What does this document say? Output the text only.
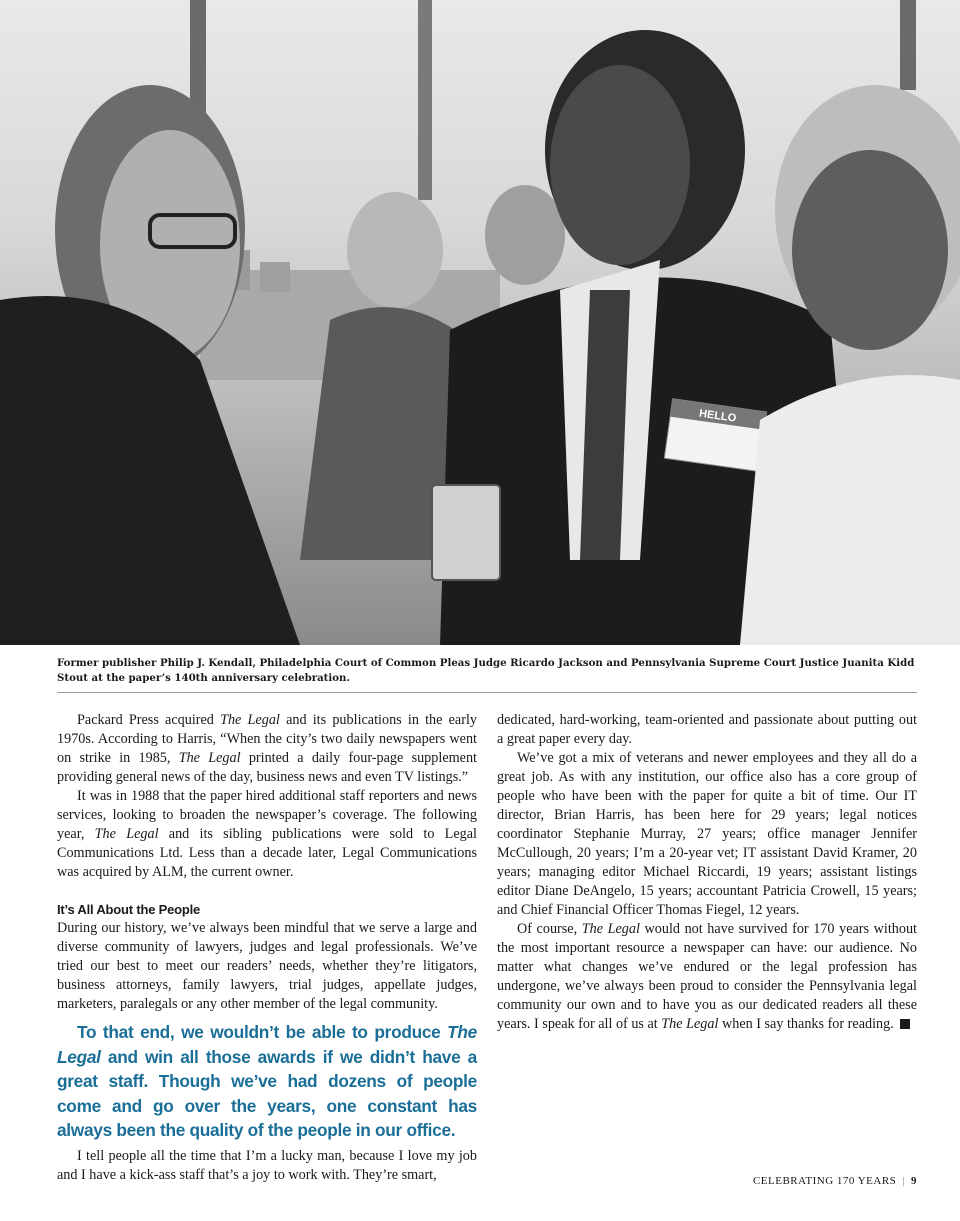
HELLO
Former publisher Philip J. Kendall, Philadelphia Court of Common Pleas Judge Ricardo Jackson and Pennsylvania Supreme Court Justice Juanita Kidd Stout at the paper’s 140th anniversary celebration.

Packard Press acquired The Legal and its publications in the early 1970s. According to Harris, “When the city’s two daily newspapers went on strike in 1985, The Legal printed a daily four-page supplement providing general news of the day, business news and even TV listings.”

It was in 1988 that the paper hired additional staff reporters and news services, looking to broaden the newspaper’s coverage. The following year, The Legal and its sibling publications were sold to Legal Communications Ltd. Less than a decade later, Legal Communications was acquired by ALM, the current owner.

It’s All About the People

During our history, we’ve always been mindful that we serve a large and diverse community of lawyers, judges and legal professionals. We’ve tried our best to meet our readers’ needs, whether they’re litigators, business attorneys, family lawyers, trial judges, appellate judges, marketers, paralegals or any other member of the legal community.

To that end, we wouldn’t be able to produce The Legal and win all those awards if we didn’t have a great staff. Though we’ve had dozens of people come and go over the years, one constant has always been the quality of the people in our office.

I tell people all the time that I’m a lucky man, because I love my job and I have a kick-ass staff that’s a joy to work with. They’re smart,

dedicated, hard-working, team-oriented and passionate about putting out a great paper every day.

We’ve got a mix of veterans and newer employees and they all do a great job. As with any institution, our office also has a core group of people who have been with the paper for quite a bit of time. Our IT director, Brian Harris, has been here for 29 years; legal notices coordinator Stephanie Murray, 27 years; office manager Jennifer McCullough, 20 years; I’m a 20-year vet; IT assistant David Kramer, 20 years; managing editor Michael Riccardi, 19 years; assistant listings editor Diane DeAngelo, 15 years; accountant Patricia Crowell, 15 years; and Chief Financial Officer Thomas Fiegel, 12 years.

Of course, The Legal would not have survived for 170 years without the most important resource a newspaper can have: our audience. No matter what changes we’ve endured or the legal profession has undergone, we’ve always been proud to consider the Pennsylvania legal community our own and to have you as our dedicated readers all these years. I speak for all of us at The Legal when I say thanks for reading.

CELEBRATING 170 YEARS | 9
